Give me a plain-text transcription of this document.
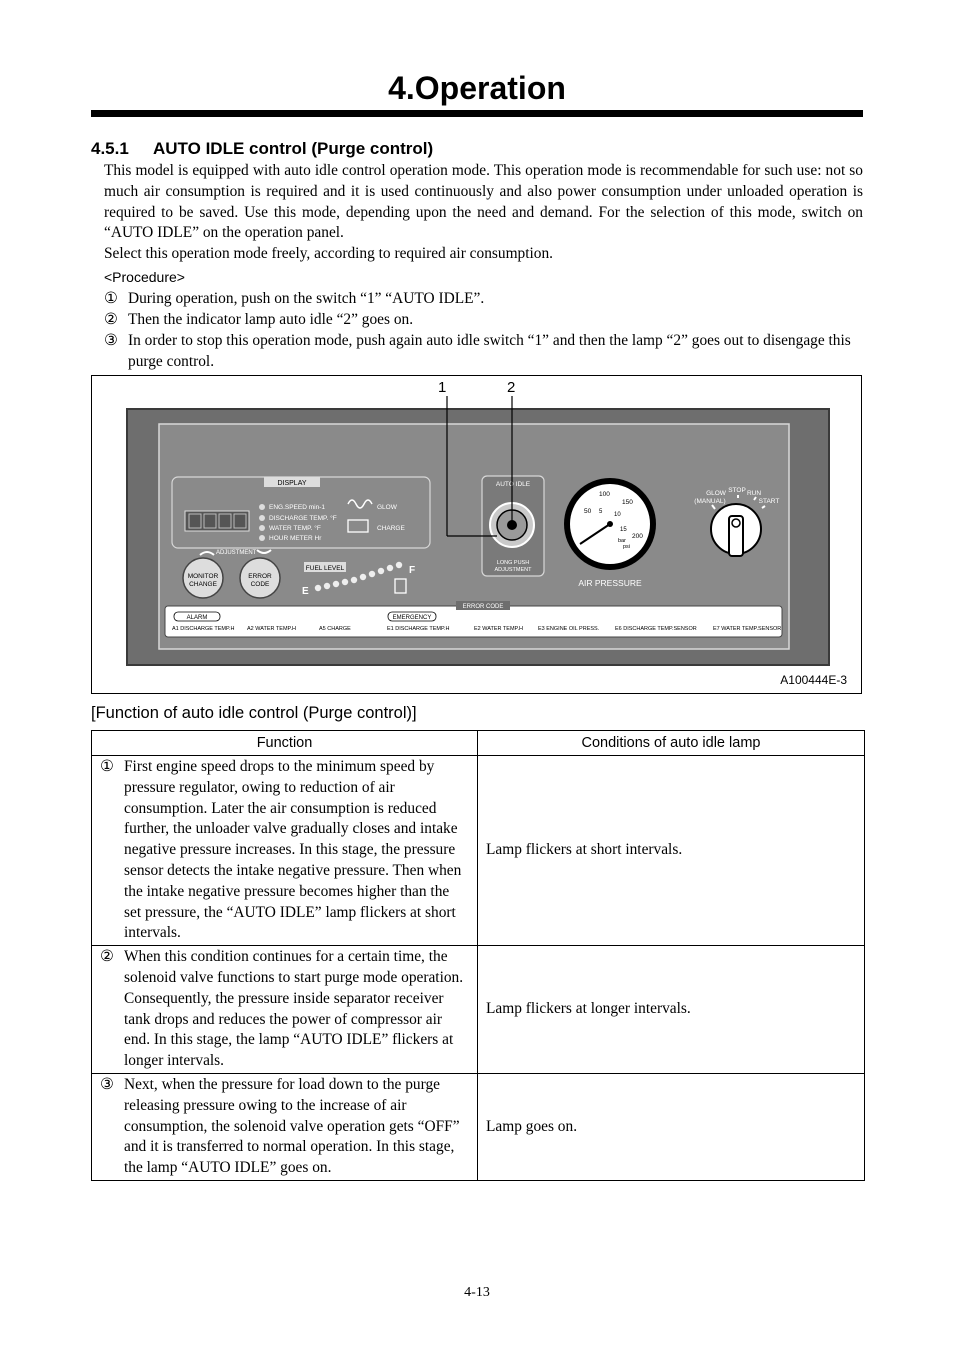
4.Operation
4.5.1 AUTO IDLE control (Purge control)

This model is equipped with auto idle control operation mode. This operation mode is recommendable for such use: not so much air consumption is required and it is used continuously and also power consumption under unloaded operation is required to be saved. Use this mode, depending upon the need and demand. For the selection of this mode, switch on “AUTO IDLE” on the operation panel.

Select this operation mode freely, according to required air consumption.

<Procedure>
① During operation, push on the switch “1” “AUTO IDLE”.
② Then the indicator lamp auto idle “2” goes on.
③ In order to stop this operation mode, push again auto idle switch “1” and then the lamp “2” goes out to disengage this purge control.
DISPLAY
ENG.SPEED min-1
DISCHARGE TEMP. °F
WATER TEMP. °F
HOUR METER Hr
GLOW
CHARGE
ADJUSTMENT
MONITOR
CHANGE
ERROR
CODE
FUEL LEVEL
E
F
AUTO IDLE
LONG PUSH
ADJUSTMENT
50
100
150
200
5 10
15
bar
psi
AIR PRESSURE
GLOW
(MANUAL)
STOP RUN
START
ERROR CODE
ALARM	EMERGENCY
A1 DISCHARGE TEMP.H A2 WATER TEMP.H	A5 CHARGE	E1 DISCHARGE TEMP.H	E2 WATER TEMP.H	E3 ENGINE OIL PRESS.	E6 DISCHARGE TEMP.SENSOR	E7 WATER TEMP.SENSOR
1	2
A100444E-3
[Function of auto idle control (Purge control)]
Function	Conditions of auto idle lamp

① First engine speed drops to the minimum speed by pressure regulator, owing to reduction of air consumption. Later the air consumption is reduced further, the unloader valve gradually closes and intake negative pressure increases. In this stage, the pressure sensor detects the intake negative pressure. Then when the intake negative pressure becomes higher than the set pressure, the “AUTO IDLE” lamp flickers at short intervals.	Lamp flickers at short intervals.

② When this condition continues for a certain time, the solenoid valve functions to start purge mode operation. Consequently, the pressure inside separator receiver tank drops and reduces the power of compressor air end. In this stage, the lamp “AUTO IDLE” flickers at longer intervals.	Lamp flickers at longer intervals.

③ Next, when the pressure for load down to the purge releasing pressure owing to the increase of air consumption, the solenoid valve operation gets “OFF” and it is transferred to normal operation. In this stage, the lamp “AUTO IDLE” goes on.	Lamp goes on.
4-13
